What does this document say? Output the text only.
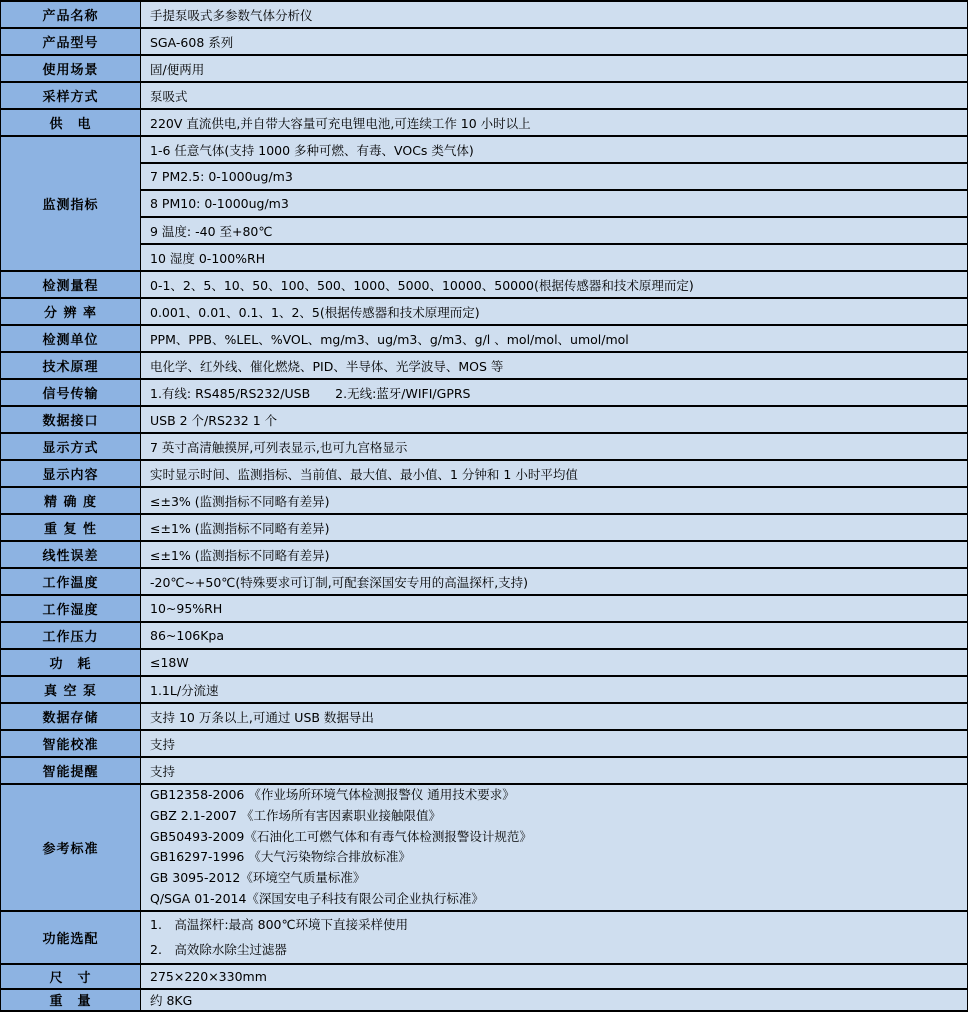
产品名称	手提泵吸式多参数气体分析仪
产品型号	SGA-608 系列
使用场景	固/便两用
采样方式	泵吸式
供　电	220V 直流供电,并自带大容量可充电锂电池,可连续工作 10 小时以上
监测指标	1-6 任意气体(支持 1000 多种可燃、有毒、VOCs 类气体)
	7 PM2.5: 0-1000ug/m3
	8 PM10: 0-1000ug/m3
	9 温度: -40 至+80℃
	10 湿度 0-100%RH
检测量程	0-1、2、5、10、50、100、500、1000、5000、10000、50000(根据传感器和技术原理而定)
分 辨 率	0.001、0.01、0.1、1、2、5(根据传感器和技术原理而定)
检测单位	PPM、PPB、%LEL、%VOL、mg/m3、ug/m3、g/m3、g/l 、mol/mol、umol/mol
技术原理	电化学、红外线、催化燃烧、PID、半导体、光学波导、MOS 等
信号传输	1.有线: RS485/RS232/USB　　2.无线:蓝牙/WIFI/GPRS
数据接口	USB 2 个/RS232 1 个
显示方式	7 英寸高清触摸屏,可列表显示,也可九宫格显示
显示内容	实时显示时间、监测指标、当前值、最大值、最小值、1 分钟和 1 小时平均值
精 确 度	≤±3% (监测指标不同略有差异)
重 复 性	≤±1% (监测指标不同略有差异)
线性误差	≤±1% (监测指标不同略有差异)
工作温度	-20℃~+50℃(特殊要求可订制,可配套深国安专用的高温探杆,支持)
工作湿度	10~95%RH
工作压力	86~106Kpa
功　耗	≤18W
真 空 泵	1.1L/分流速
数据存储	支持 10 万条以上,可通过 USB 数据导出
智能校准	支持
智能提醒	支持
参考标准	
GB12358-2006 《作业场所环境气体检测报警仪 通用技术要求》
GBZ 2.1-2007 《工作场所有害因素职业接触限值》
GB50493-2009《石油化工可燃气体和有毒气体检测报警设计规范》
GB16297-1996 《大气污染物综合排放标准》
GB 3095-2012《环境空气质量标准》
Q/SGA 01-2014《深国安电子科技有限公司企业执行标准》

功能选配	1.　高温探杆:最高 800℃环境下直接采样使用
2.　高效除水除尘过滤器

尺　寸	275×220×330mm
重　量	约 8KG
